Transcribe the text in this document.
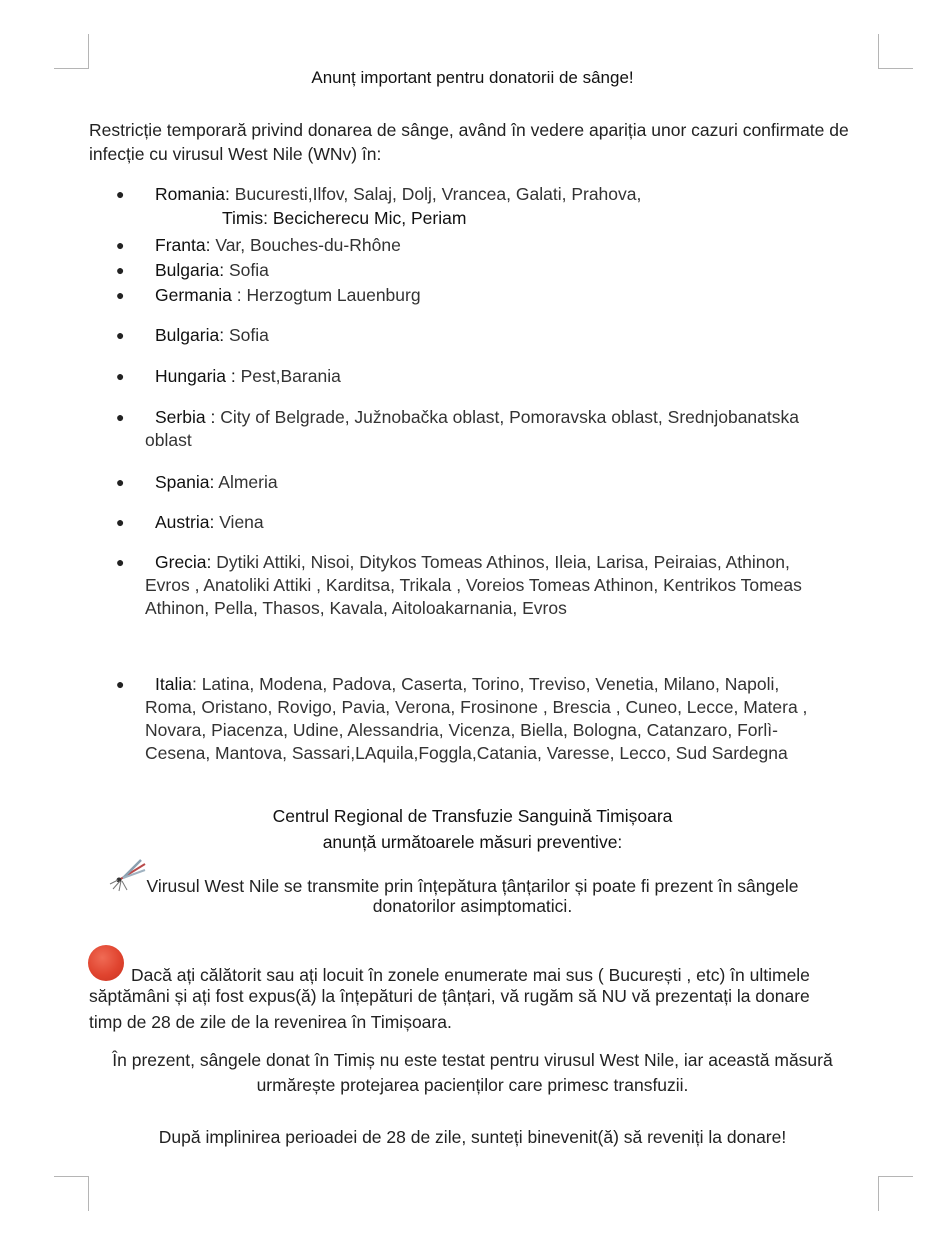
Anunț important pentru donatorii de sânge!
Restricție temporară privind donarea de sânge, având în vedere apariția unor cazuri confirmate de infecție cu virusul West Nile (WNv) în:
●	Romania: Bucuresti,Ilfov, Salaj, Dolj, Vrancea, Galati, Prahova,
Timis: Becicherecu Mic, Periam
●	Franta: Var, Bouches-du-Rhône
●	Bulgaria: Sofia
●	Germania : Herzogtum Lauenburg
●	Bulgaria: Sofia
●	Hungaria : Pest,Barania
●	Serbia : City of Belgrade, Južnobačka oblast, Pomoravska oblast, Srednjobanatska
oblast
●	Spania: Almeria
●	Austria: Viena
●	Grecia: Dytiki Attiki, Nisoi, Ditykos Tomeas Athinos, Ileia, Larisa, Peiraias, Athinon,
Evros , Anatoliki Attiki , Karditsa, Trikala , Voreios Tomeas Athinon, Kentrikos Tomeas
Athinon, Pella, Thasos, Kavala, Aitoloakarnania, Evros
●	Italia: Latina, Modena, Padova, Caserta, Torino, Treviso, Venetia, Milano, Napoli,
Roma, Oristano, Rovigo, Pavia, Verona, Frosinone , Brescia , Cuneo, Lecce, Matera ,
Novara, Piacenza, Udine, Alessandria, Vicenza, Biella, Bologna, Catanzaro, Forlì-
Cesena, Mantova, Sassari,LAquila,Foggla,Catania, Varesse, Lecco, Sud Sardegna
Centrul Regional de Transfuzie Sanguină Timișoara
anunță următoarele măsuri preventive:
Virusul West Nile se transmite prin înțepătura țânțarilor și poate fi prezent în sângele
donatorilor asimptomatici.
Dacă ați călătorit sau ați locuit în zonele enumerate mai sus ( București , etc) în ultimele
săptămâni și ați fost expus(ă) la înțepături de țânțari, vă rugăm să NU vă prezentați la donare
timp de 28 de zile de la revenirea în Timișoara.
În prezent, sângele donat în Timiș nu este testat pentru virusul West Nile, iar această măsură
urmărește protejarea pacienților care primesc transfuzii.
După implinirea perioadei de 28 de zile, sunteți binevenit(ă) să reveniți la donare!
